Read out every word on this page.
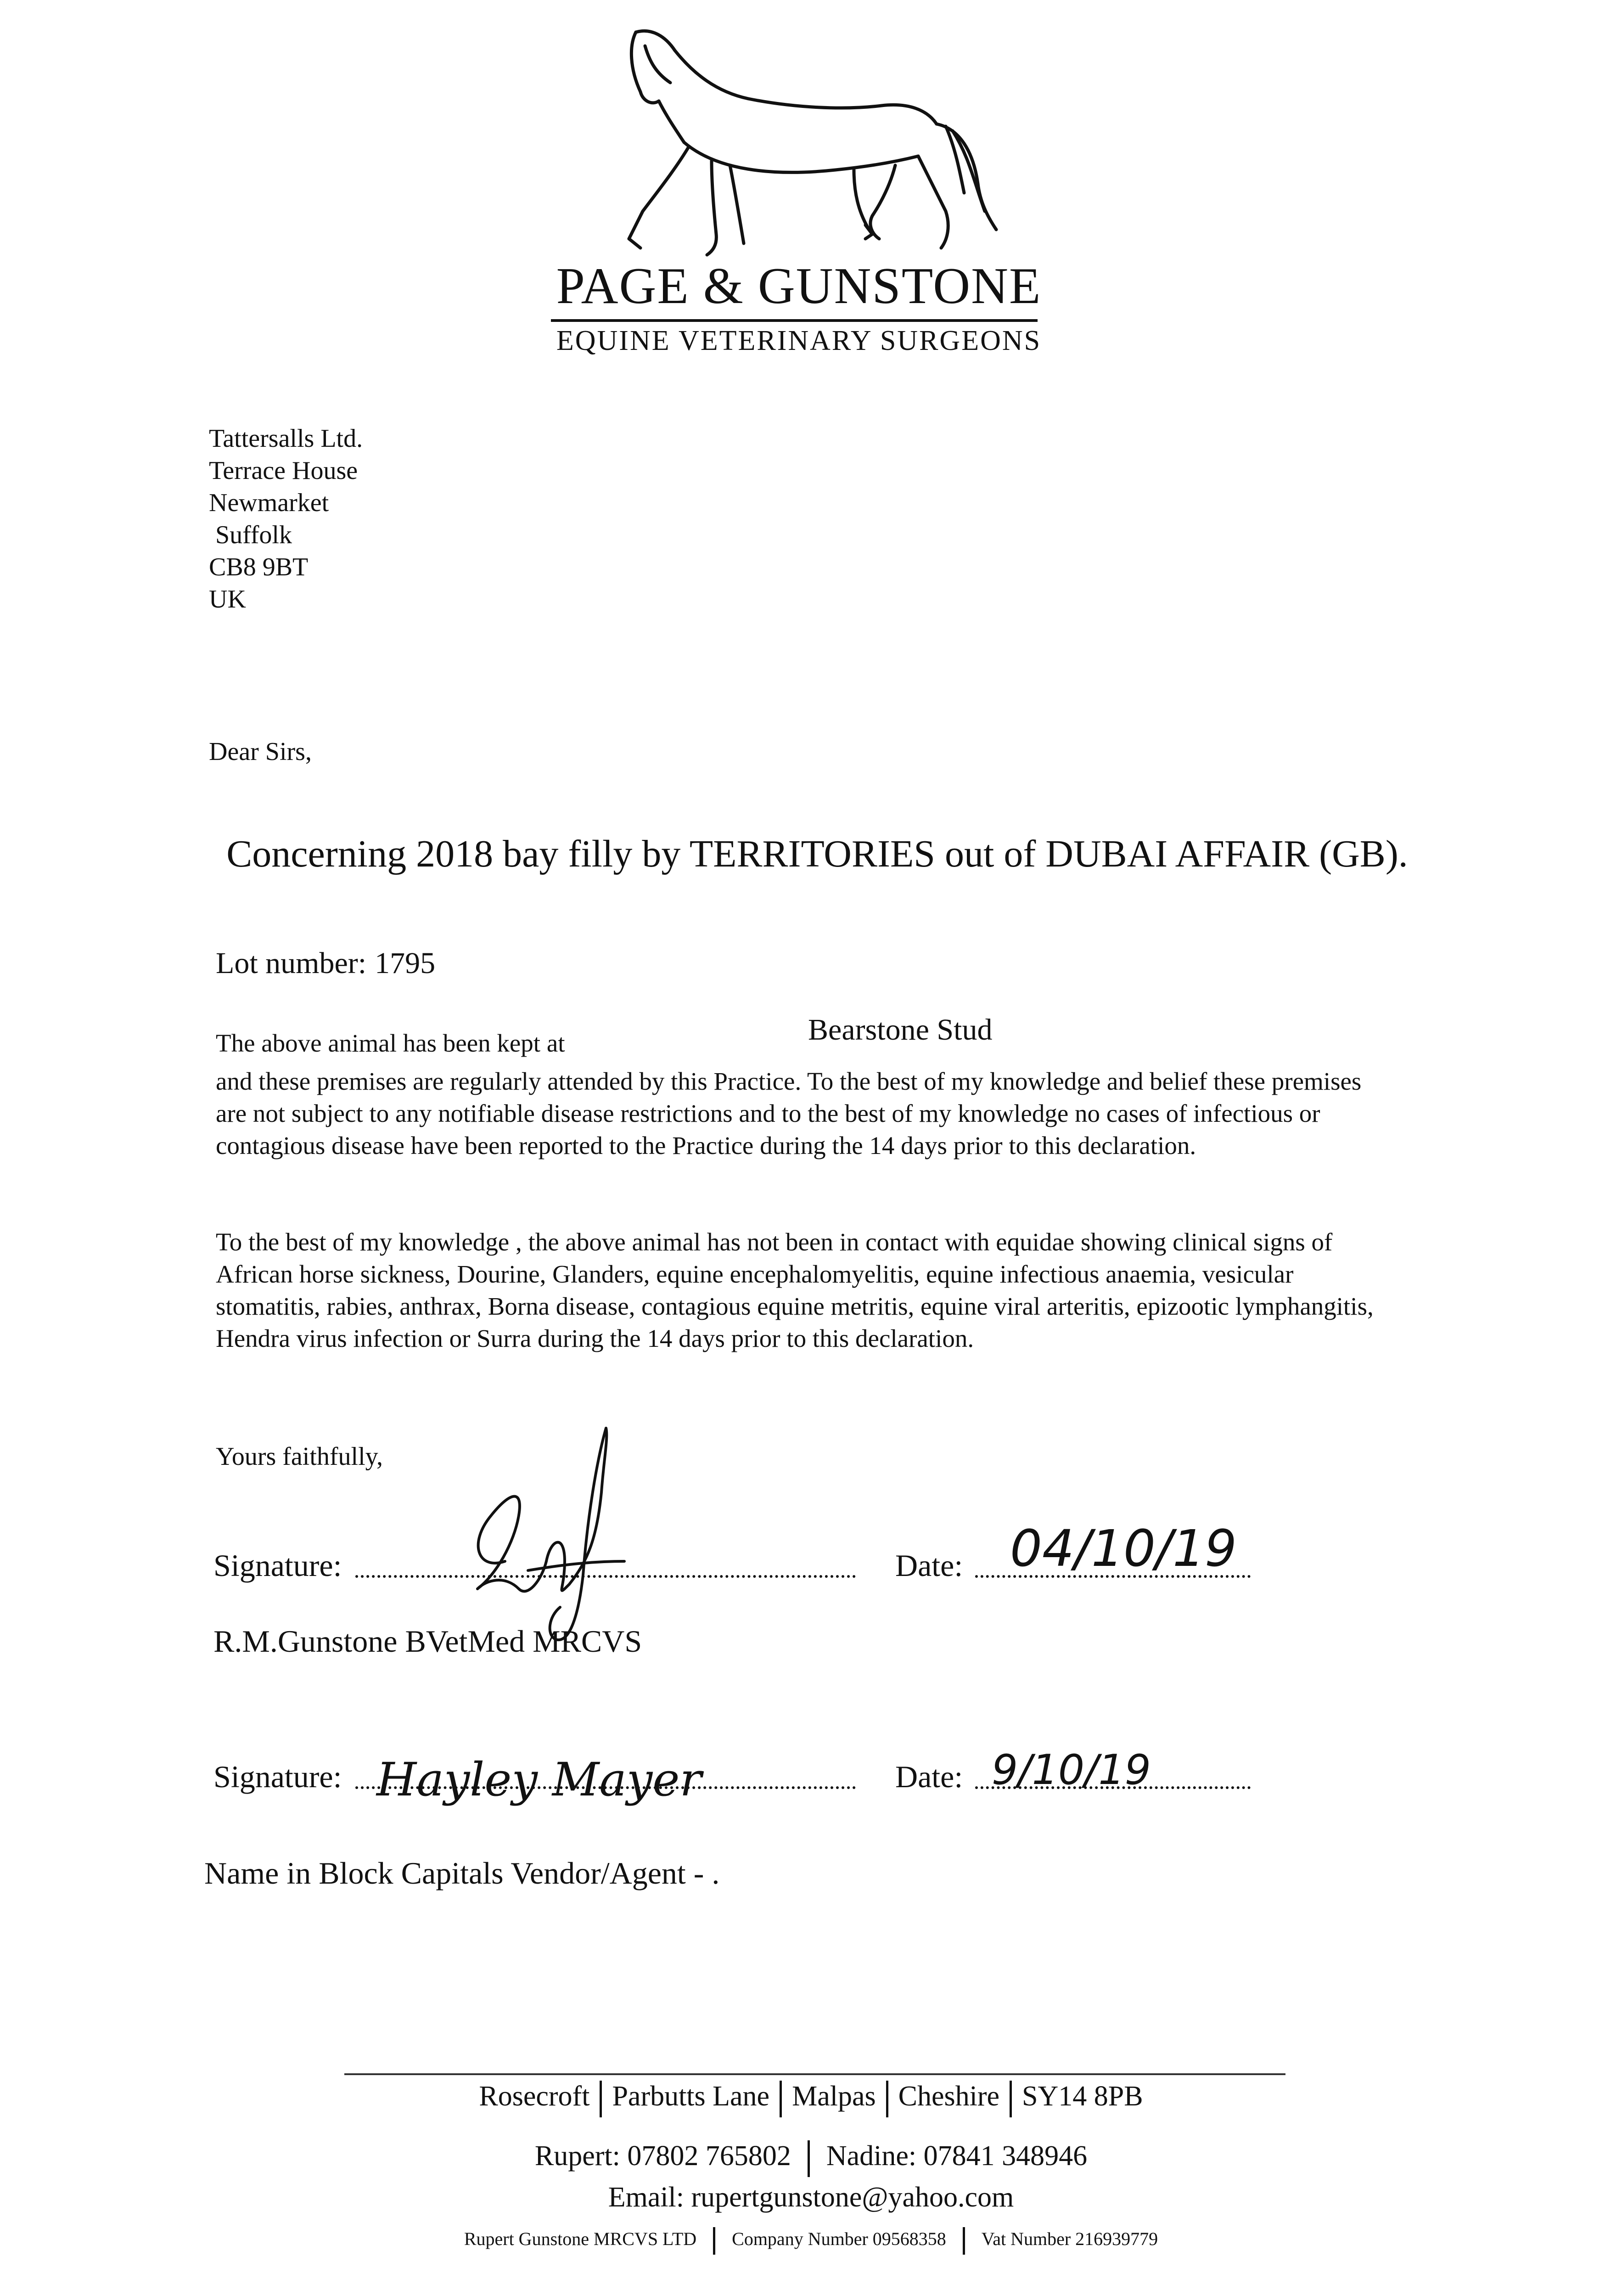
PAGE & GUNSTONE
EQUINE VETERINARY SURGEONS
Tattersalls Ltd.
Terrace House
Newmarket
Suffolk
CB8 9BT
UK
Dear Sirs,
Concerning 2018 bay filly by TERRITORIES out of DUBAI AFFAIR (GB).
Lot number: 1795
The above animal has been kept at	Bearstone Stud
and these premises are regularly attended by this Practice. To the best of my knowledge and belief these premises are not subject to any notifiable disease restrictions and to the best of my knowledge no cases of infectious or contagious disease have been reported to the Practice during the 14 days prior to this declaration.
To the best of my knowledge , the above animal has not been in contact with equidae showing clinical signs of African horse sickness, Dourine, Glanders, equine encephalomyelitis, equine infectious anaemia, vesicular stomatitis, rabies, anthrax, Borna disease, contagious equine metritis, equine viral arteritis, epizootic lymphangitis, Hendra virus infection or Surra during the 14 days prior to this declaration.
Yours faithfully,
Signature:	Date: 04/10/19
R.M.Gunstone BVetMed MRCVS
Signature: Hayley Mayer	Date: 9/10/19
Name in Block Capitals Vendor/Agent - .
Rosecroft Parbutts Lane Malpas Cheshire SY14 8PB
Rupert: 07802 765802 Nadine: 07841 348946
Email: rupertgunstone@yahoo.com
Rupert Gunstone MRCVS LTD Company Number 09568358 Vat Number 216939779
